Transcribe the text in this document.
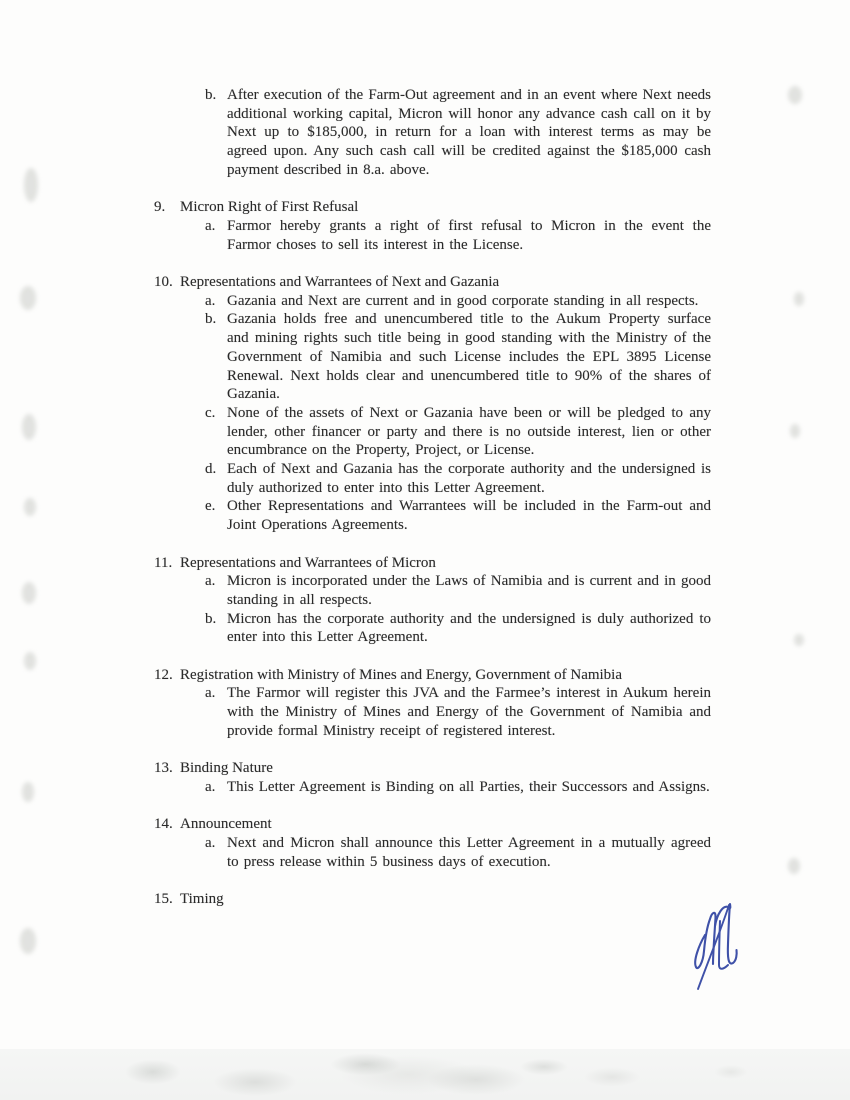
b. After execution of the Farm-Out agreement and in an event where Next needs additional working capital, Micron will honor any advance cash call on it by Next up to $185,000, in return for a loan with interest terms as may be agreed upon. Any such cash call will be credited against the $185,000 cash payment described in 8.a. above.
9. Micron Right of First Refusal
a. Farmor hereby grants a right of first refusal to Micron in the event the Farmor choses to sell its interest in the License.
10. Representations and Warrantees of Next and Gazania
a. Gazania and Next are current and in good corporate standing in all respects.
b. Gazania holds free and unencumbered title to the Aukum Property surface and mining rights such title being in good standing with the Ministry of the Government of Namibia and such License includes the EPL 3895 License Renewal. Next holds clear and unencumbered title to 90% of the shares of Gazania.
c. None of the assets of Next or Gazania have been or will be pledged to any lender, other financer or party and there is no outside interest, lien or other encumbrance on the Property, Project, or License.
d. Each of Next and Gazania has the corporate authority and the undersigned is duly authorized to enter into this Letter Agreement.
e. Other Representations and Warrantees will be included in the Farm-out and Joint Operations Agreements.
11. Representations and Warrantees of Micron
a. Micron is incorporated under the Laws of Namibia and is current and in good standing in all respects.
b. Micron has the corporate authority and the undersigned is duly authorized to enter into this Letter Agreement.
12. Registration with Ministry of Mines and Energy, Government of Namibia
a. The Farmor will register this JVA and the Farmee’s interest in Aukum herein with the Ministry of Mines and Energy of the Government of Namibia and provide formal Ministry receipt of registered interest.
13. Binding Nature
a. This Letter Agreement is Binding on all Parties, their Successors and Assigns.
14. Announcement
a. Next and Micron shall announce this Letter Agreement in a mutually agreed to press release within 5 business days of execution.
15. Timing
